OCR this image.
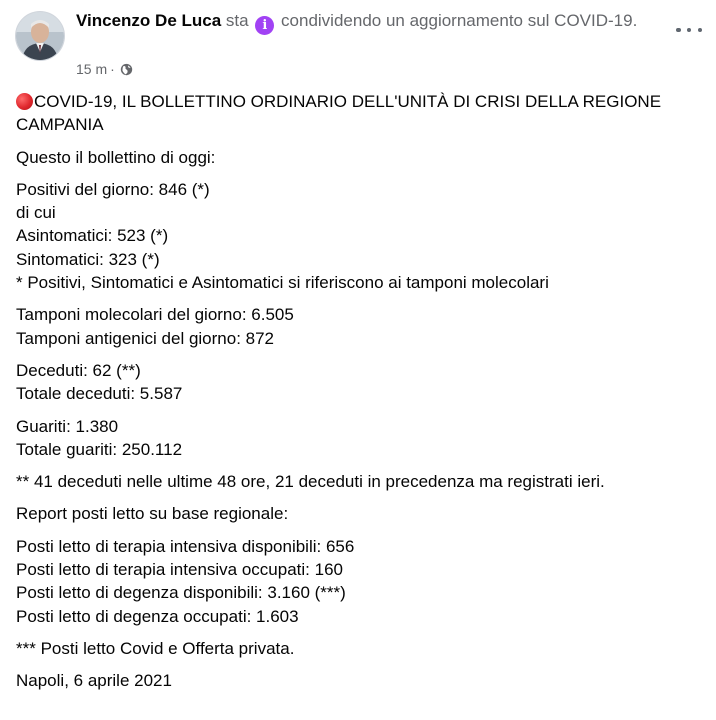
Vincenzo De Luca sta i condividendo un aggiornamento sul COVID-19.
15 m ·

COVID-19, IL BOLLETTINO ORDINARIO DELL'UNITÀ DI CRISI DELLA REGIONE CAMPANIA

Questo il bollettino di oggi:

Positivi del giorno: 846 (*)
di cui
Asintomatici: 523 (*)
Sintomatici: 323 (*)
* Positivi, Sintomatici e Asintomatici si riferiscono ai tamponi molecolari

Tamponi molecolari del giorno: 6.505
Tamponi antigenici del giorno: 872

Deceduti: 62 (**)
Totale deceduti: 5.587

Guariti: 1.380
Totale guariti: 250.112

** 41 deceduti nelle ultime 48 ore, 21 deceduti in precedenza ma registrati ieri.

Report posti letto su base regionale:

Posti letto di terapia intensiva disponibili: 656
Posti letto di terapia intensiva occupati: 160
Posti letto di degenza disponibili: 3.160 (***)
Posti letto di degenza occupati: 1.603

*** Posti letto Covid e Offerta privata.

Napoli, 6 aprile 2021
